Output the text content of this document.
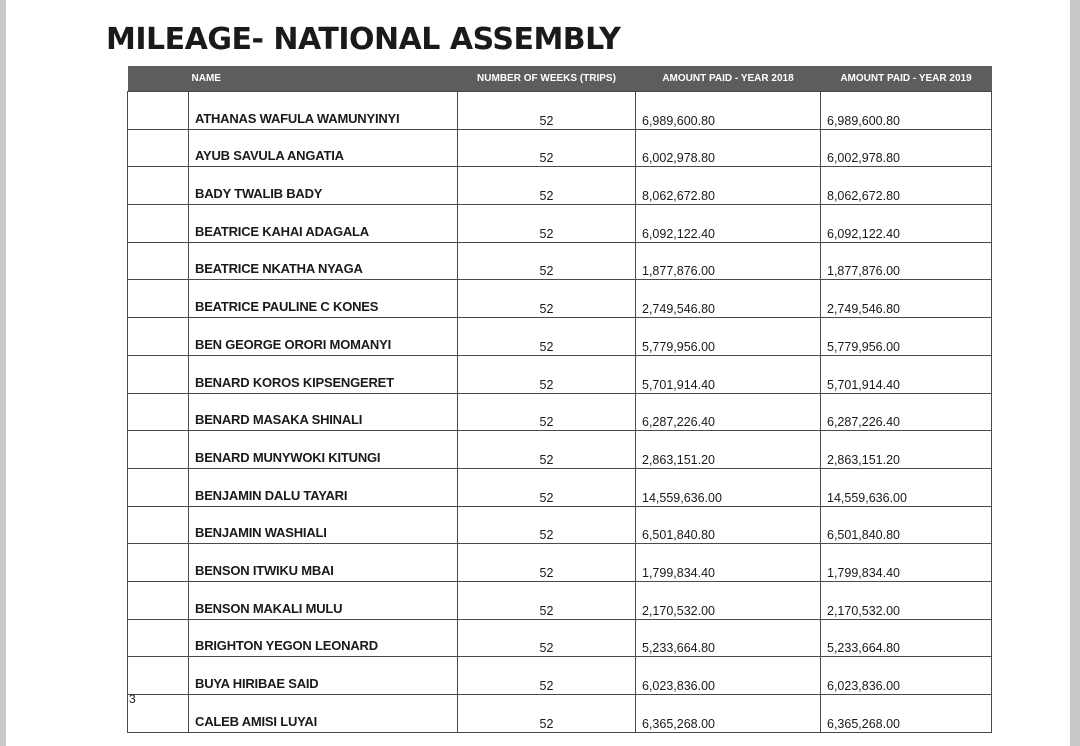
MILEAGE- NATIONAL ASSEMBLY
	NAME	NUMBER OF WEEKS (TRIPS)	AMOUNT PAID - YEAR 2018	AMOUNT PAID - YEAR 2019
	ATHANAS WAFULA WAMUNYINYI	52	6,989,600.80	6,989,600.80
	AYUB SAVULA ANGATIA	52	6,002,978.80	6,002,978.80
	BADY TWALIB BADY	52	8,062,672.80	8,062,672.80
	BEATRICE KAHAI ADAGALA	52	6,092,122.40	6,092,122.40
	BEATRICE NKATHA NYAGA	52	1,877,876.00	1,877,876.00
	BEATRICE PAULINE C KONES	52	2,749,546.80	2,749,546.80
	BEN GEORGE ORORI MOMANYI	52	5,779,956.00	5,779,956.00
	BENARD KOROS KIPSENGERET	52	5,701,914.40	5,701,914.40
	BENARD MASAKA SHINALI	52	6,287,226.40	6,287,226.40
	BENARD MUNYWOKI KITUNGI	52	2,863,151.20	2,863,151.20
	BENJAMIN DALU TAYARI	52	14,559,636.00	14,559,636.00
	BENJAMIN WASHIALI	52	6,501,840.80	6,501,840.80
	BENSON ITWIKU MBAI	52	1,799,834.40	1,799,834.40
	BENSON MAKALI MULU	52	2,170,532.00	2,170,532.00
	BRIGHTON YEGON LEONARD	52	5,233,664.80	5,233,664.80
	BUYA HIRIBAE SAID	52	6,023,836.00	6,023,836.00
	CALEB AMISI LUYAI	52	6,365,268.00	6,365,268.00
3
